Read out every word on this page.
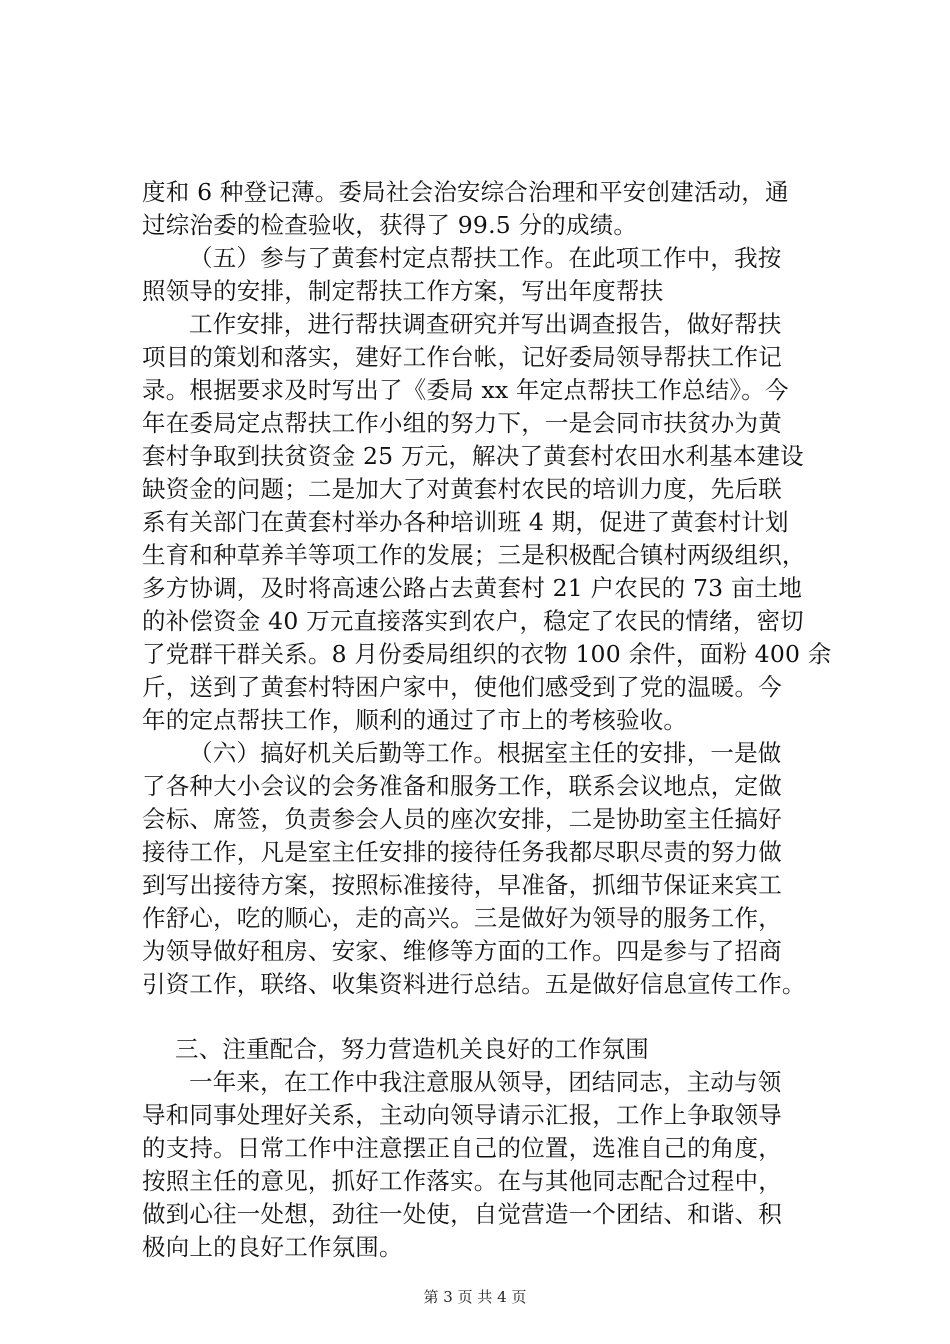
度和 6 种登记薄。委局社会治安综合治理和平安创建活动，通
过综治委的检查验收，获得了 99.5 分的成绩。
（五）参与了黄套村定点帮扶工作。在此项工作中，我按
照领导的安排，制定帮扶工作方案，写出年度帮扶
工作安排，进行帮扶调查研究并写出调查报告，做好帮扶
项目的策划和落实，建好工作台帐，记好委局领导帮扶工作记
录。根据要求及时写出了《委局 xx 年定点帮扶工作总结》。今
年在委局定点帮扶工作小组的努力下，一是会同市扶贫办为黄
套村争取到扶贫资金 25 万元，解决了黄套村农田水利基本建设
缺资金的问题；二是加大了对黄套村农民的培训力度，先后联
系有关部门在黄套村举办各种培训班 4 期，促进了黄套村计划
生育和种草养羊等项工作的发展；三是积极配合镇村两级组织，
多方协调，及时将高速公路占去黄套村 21 户农民的 73 亩土地
的补偿资金 40 万元直接落实到农户，稳定了农民的情绪，密切
了党群干群关系。8 月份委局组织的衣物 100 余件，面粉 400 余
斤，送到了黄套村特困户家中，使他们感受到了党的温暖。今
年的定点帮扶工作，顺利的通过了市上的考核验收。
（六）搞好机关后勤等工作。根据室主任的安排，一是做
了各种大小会议的会务准备和服务工作，联系会议地点，定做
会标、席签，负责参会人员的座次安排，二是协助室主任搞好
接待工作，凡是室主任安排的接待任务我都尽职尽责的努力做
到写出接待方案，按照标准接待，早准备，抓细节保证来宾工
作舒心，吃的顺心，走的高兴。三是做好为领导的服务工作，
为领导做好租房、安家、维修等方面的工作。四是参与了招商
引资工作，联络、收集资料进行总结。五是做好信息宣传工作。
三、注重配合，努力营造机关良好的工作氛围
一年来，在工作中我注意服从领导，团结同志，主动与领
导和同事处理好关系，主动向领导请示汇报，工作上争取领导
的支持。日常工作中注意摆正自己的位置，选准自己的角度，
按照主任的意见，抓好工作落实。在与其他同志配合过程中，
做到心往一处想，劲往一处使，自觉营造一个团结、和谐、积
极向上的良好工作氛围。
第 3 页 共 4 页
